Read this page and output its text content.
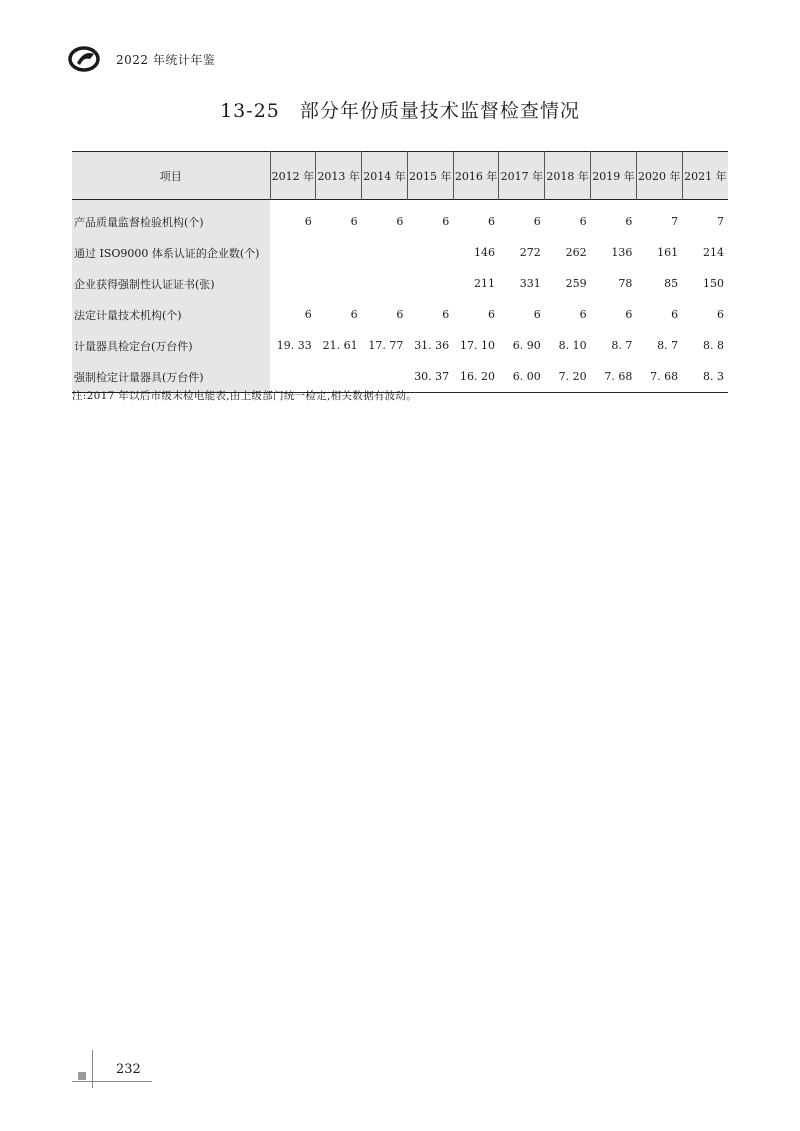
2022 年统计年鉴
13-25 部分年份质量技术监督检查情况
项目	2012 年	2013 年	2014 年	2015 年	2016 年	2017 年	2018 年	2019 年	2020 年	2021 年
产品质量监督检验机构(个)	6	6	6	6	6	6	6	6	7	7
通过 ISO9000 体系认证的企业数(个)					146	272	262	136	161	214
企业获得强制性认证证书(张)					211	331	259	78	85	150
法定计量技术机构(个)	6	6	6	6	6	6	6	6	6	6
计量器具检定台(万台件)	19. 33	21. 61	17. 77	31. 36	17. 10	6. 90	8. 10	8. 7	8. 7	8. 8
强制检定计量器具(万台件)				30. 37	16. 20	6. 00	7. 20	7. 68	7. 68	8. 3
注:2017 年以后市级未检电能表,由上级部门统一检定,相关数据有波动。
232
